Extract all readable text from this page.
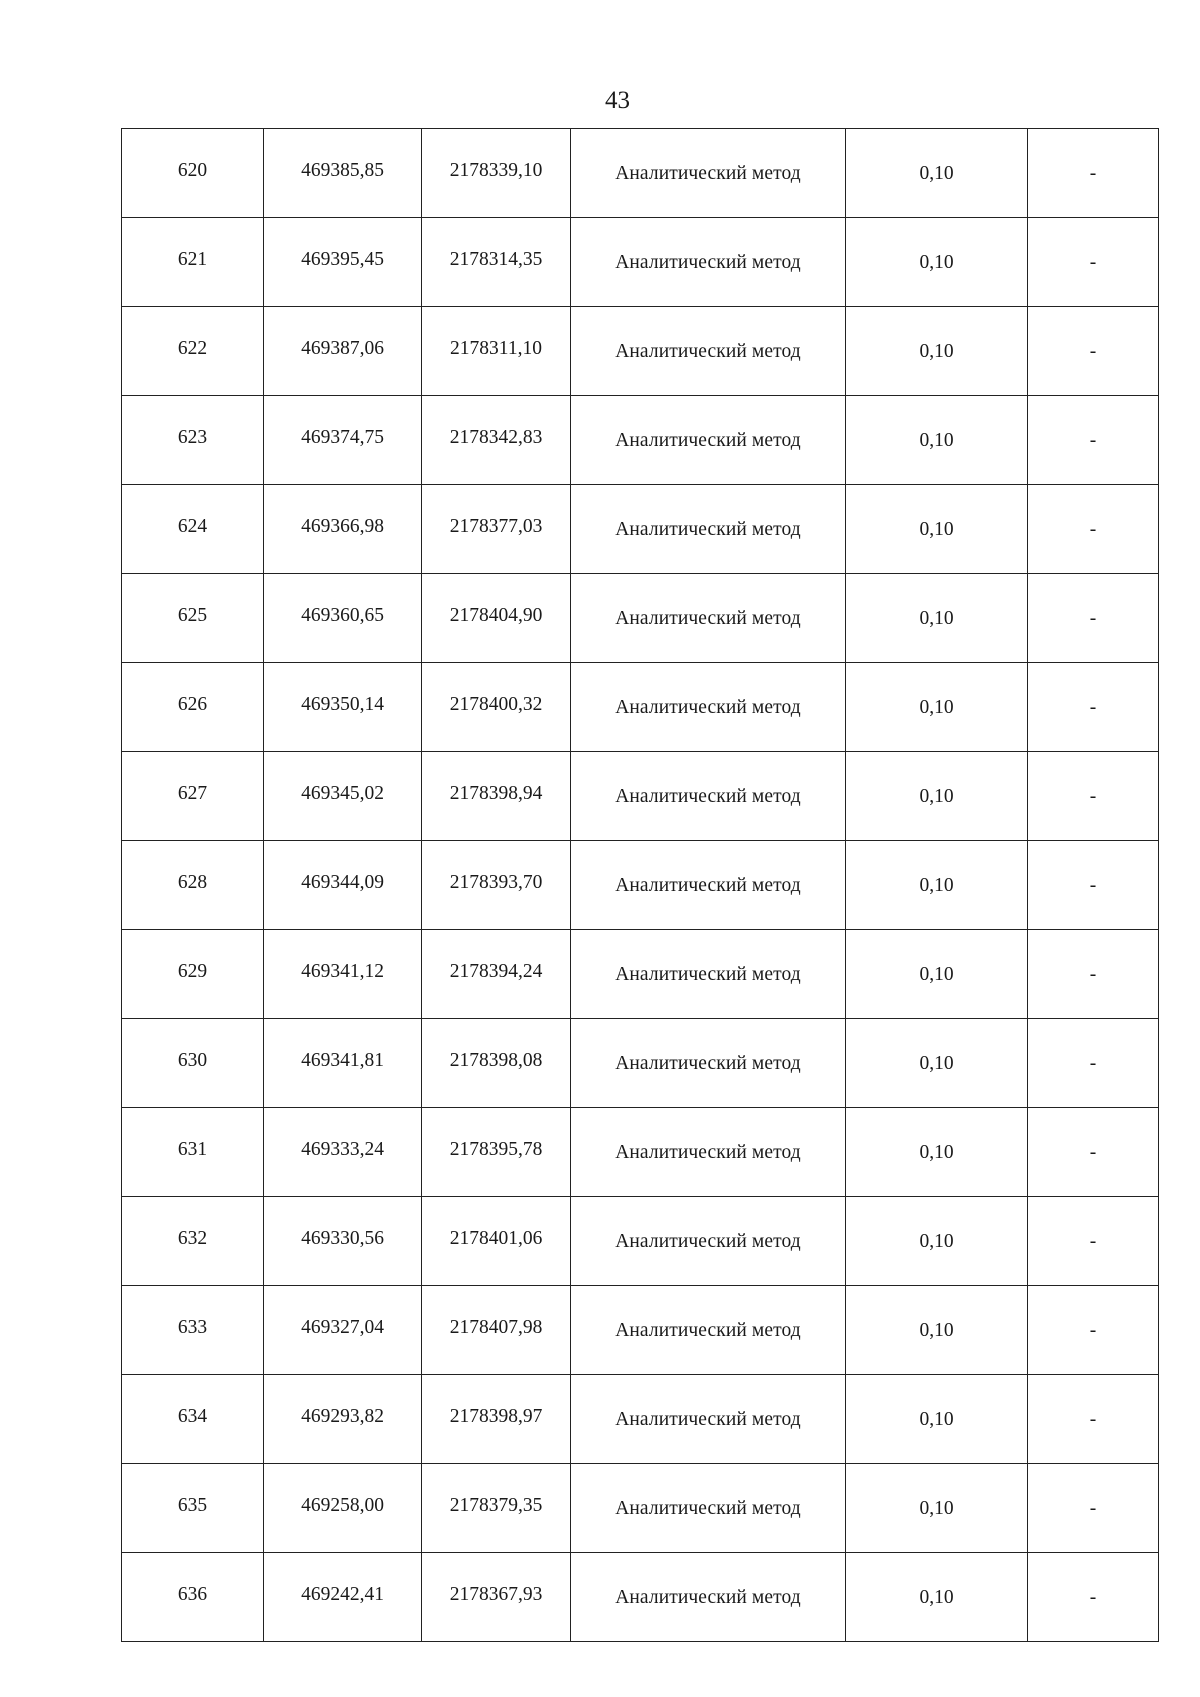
43
620	469385,85	2178339,10	Аналитический метод	0,10	-
621	469395,45	2178314,35	Аналитический метод	0,10	-
622	469387,06	2178311,10	Аналитический метод	0,10	-
623	469374,75	2178342,83	Аналитический метод	0,10	-
624	469366,98	2178377,03	Аналитический метод	0,10	-
625	469360,65	2178404,90	Аналитический метод	0,10	-
626	469350,14	2178400,32	Аналитический метод	0,10	-
627	469345,02	2178398,94	Аналитический метод	0,10	-
628	469344,09	2178393,70	Аналитический метод	0,10	-
629	469341,12	2178394,24	Аналитический метод	0,10	-
630	469341,81	2178398,08	Аналитический метод	0,10	-
631	469333,24	2178395,78	Аналитический метод	0,10	-
632	469330,56	2178401,06	Аналитический метод	0,10	-
633	469327,04	2178407,98	Аналитический метод	0,10	-
634	469293,82	2178398,97	Аналитический метод	0,10	-
635	469258,00	2178379,35	Аналитический метод	0,10	-
636	469242,41	2178367,93	Аналитический метод	0,10	-
